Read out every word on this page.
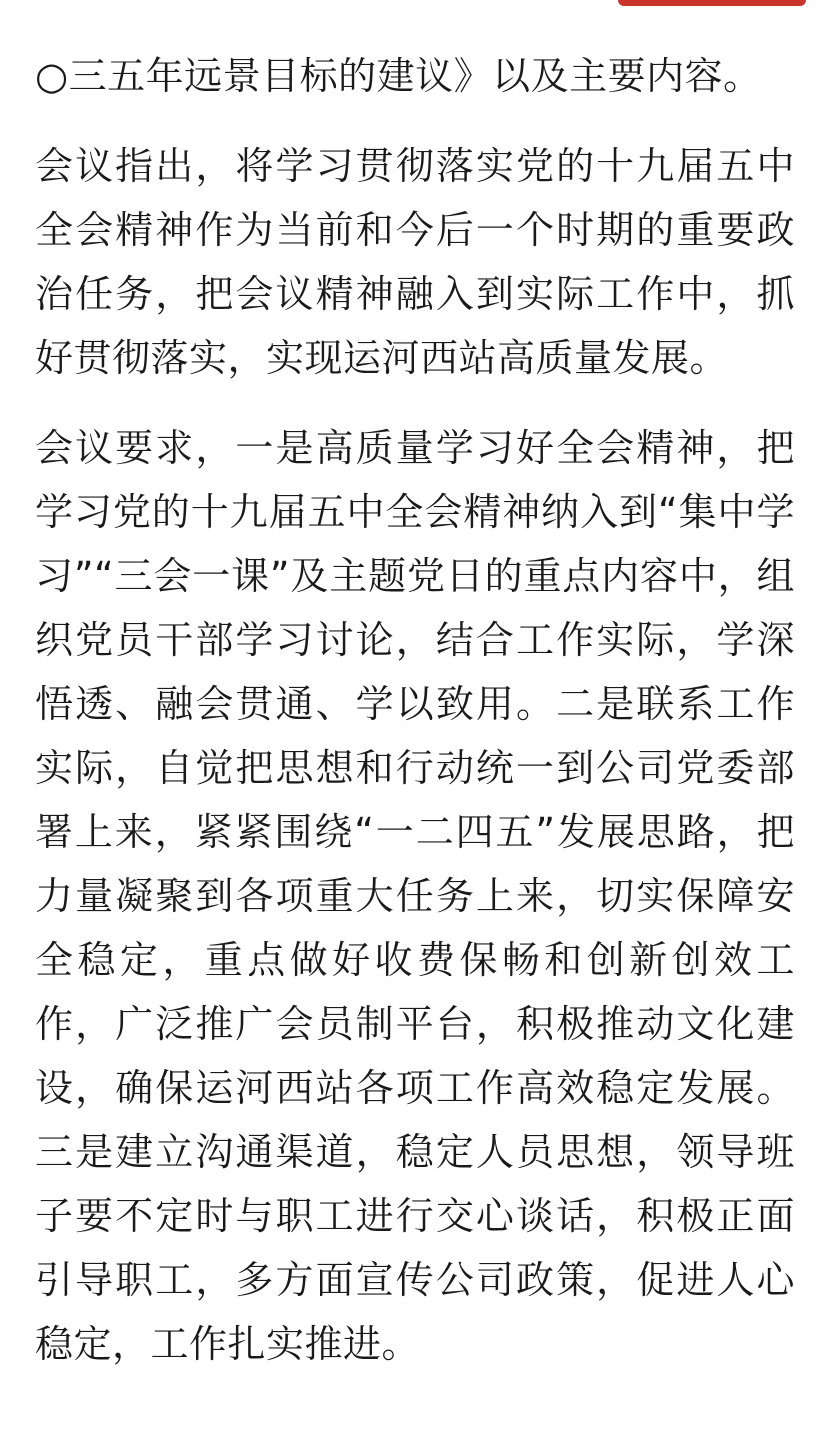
○三五年远景目标的建议》以及主要内容。

会议指出，将学习贯彻落实党的十九届五中全会精神作为当前和今后一个时期的重要政治任务，把会议精神融入到实际工作中，抓好贯彻落实，实现运河西站高质量发展。

会议要求，一是高质量学习好全会精神，把学习党的十九届五中全会精神纳入到“集中学习”“三会一课”及主题党日的重点内容中，组织党员干部学习讨论，结合工作实际，学深悟透、融会贯通、学以致用。二是联系工作实际，自觉把思想和行动统一到公司党委部署上来，紧紧围绕“一二四五”发展思路，把力量凝聚到各项重大任务上来，切实保障安全稳定，重点做好收费保畅和创新创效工作，广泛推广会员制平台，积极推动文化建设，确保运河西站各项工作高效稳定发展。三是建立沟通渠道，稳定人员思想，领导班子要不定时与职工进行交心谈话，积极正面引导职工，多方面宣传公司政策，促进人心稳定，工作扎实推进。
